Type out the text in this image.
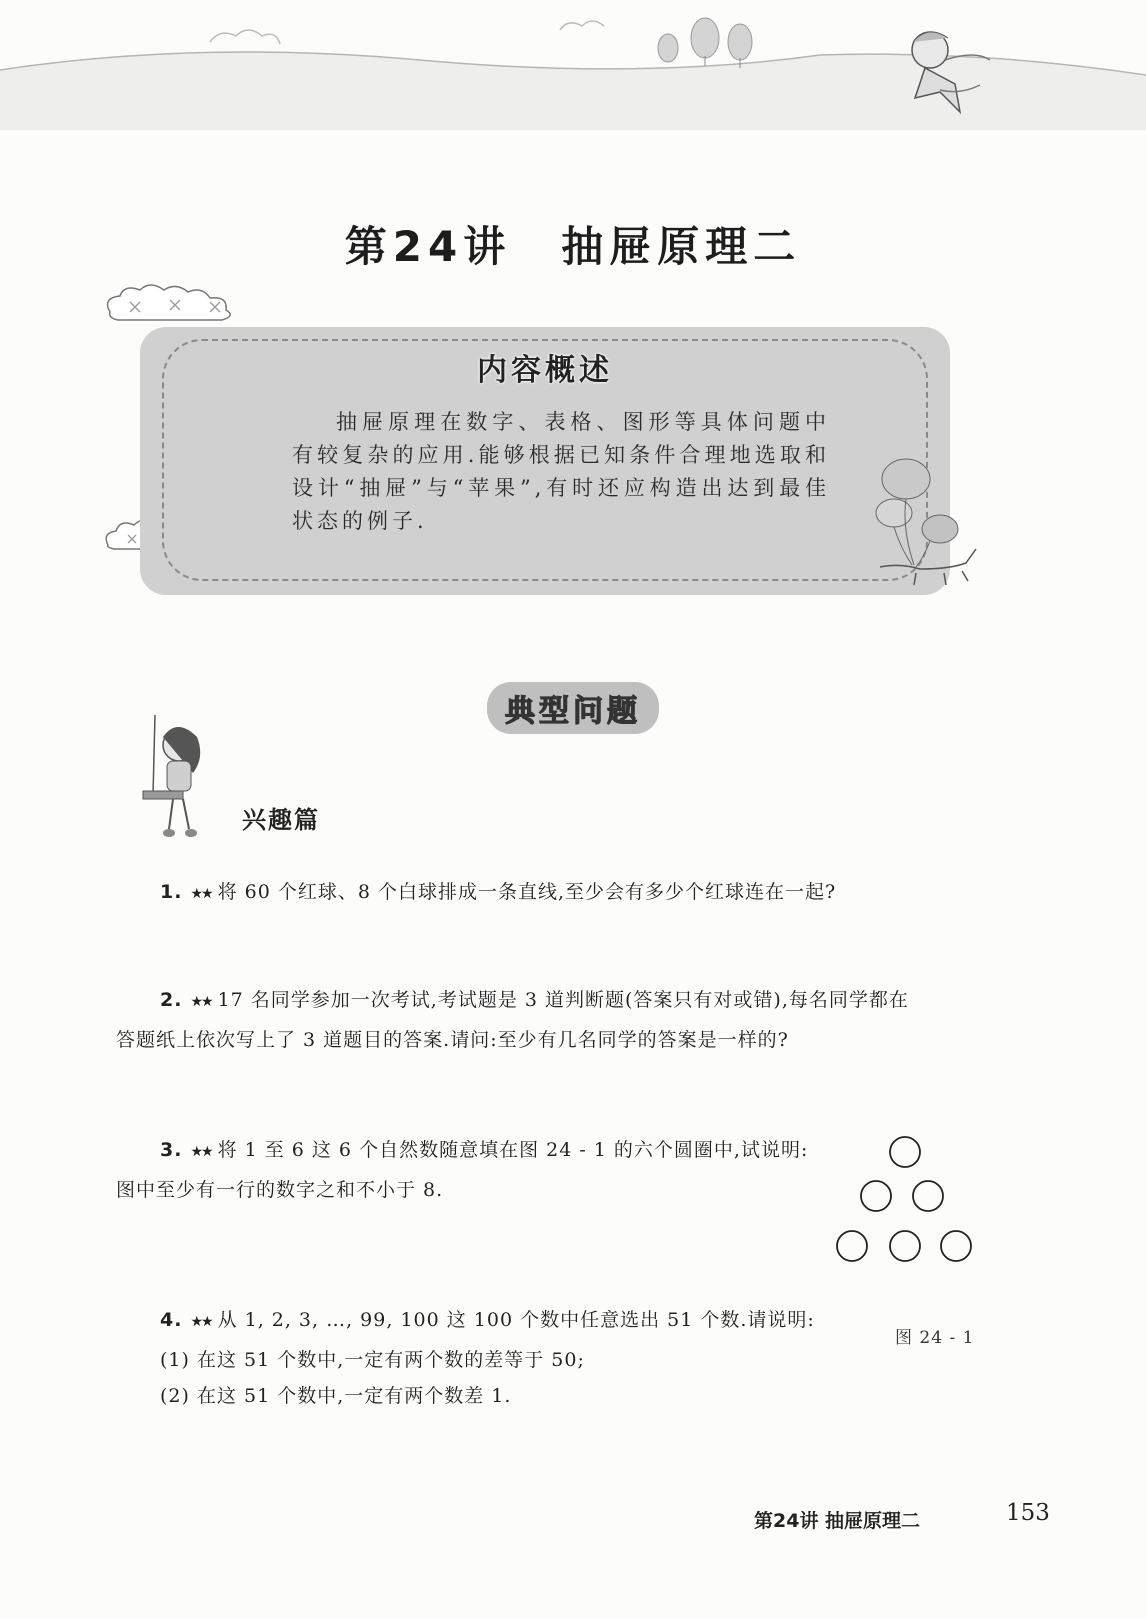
第24讲 抽屉原理二
内容概述
抽屉原理在数字、表格、图形等具体问题中有较复杂的应用.能够根据已知条件合理地选取和设计“抽屉”与“苹果”,有时还应构造出达到最佳状态的例子.
典型问题
兴趣篇
1. ★★ 将 60 个红球、8 个白球排成一条直线,至少会有多少个红球连在一起?
2. ★★ 17 名同学参加一次考试,考试题是 3 道判断题(答案只有对或错),每名同学都在
答题纸上依次写上了 3 道题目的答案.请问:至少有几名同学的答案是一样的?
3. ★★ 将 1 至 6 这 6 个自然数随意填在图 24 - 1 的六个圆圈中,试说明:
图中至少有一行的数字之和不小于 8.
图 24 - 1
4. ★★ 从 1, 2, 3, …, 99, 100 这 100 个数中任意选出 51 个数.请说明:
(1) 在这 51 个数中,一定有两个数的差等于 50;
(2) 在这 51 个数中,一定有两个数差 1.
第24讲 抽屉原理二	153
